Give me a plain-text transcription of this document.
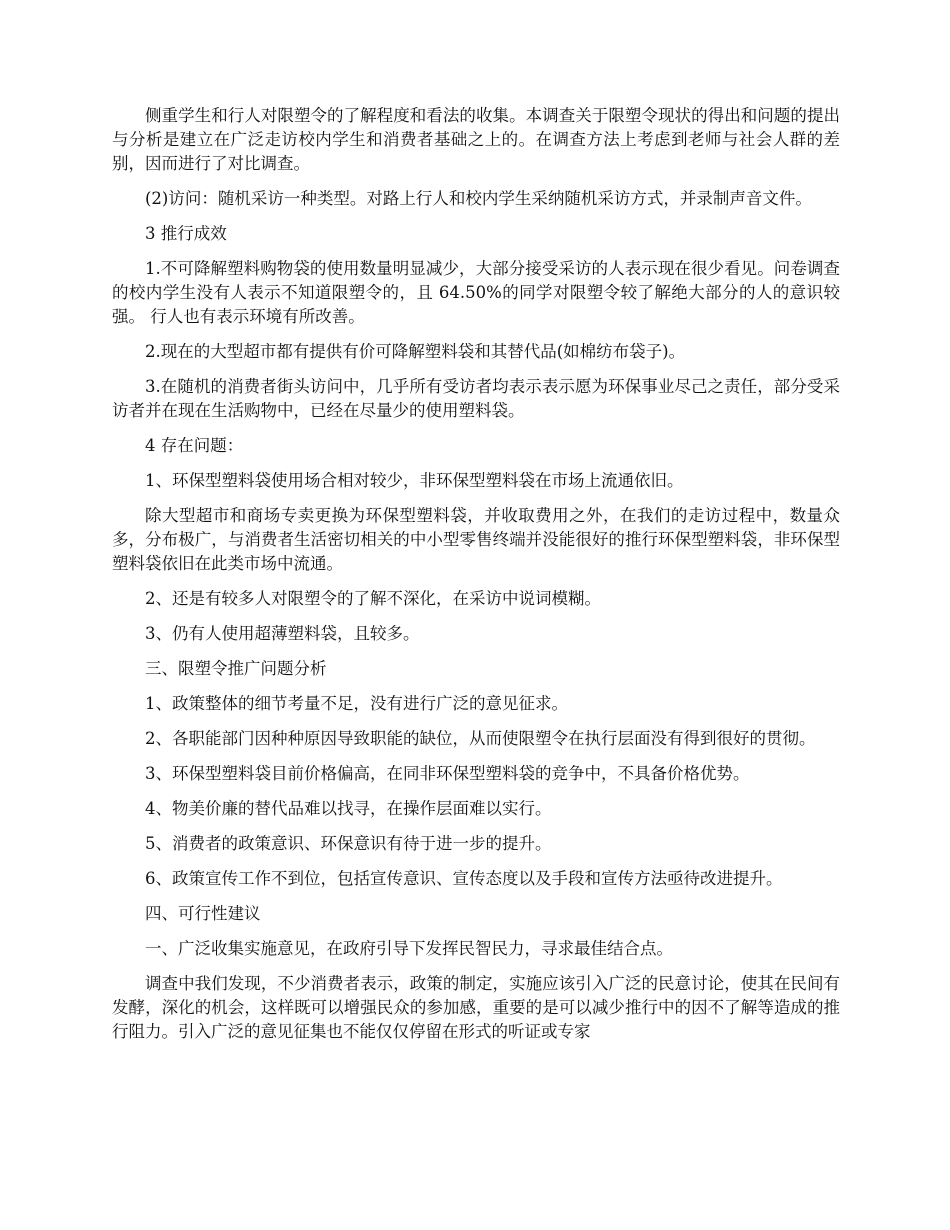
侧重学生和行人对限塑令的了解程度和看法的收集。本调查关于限塑令现状的得出和问题的提出与分析是建立在广泛走访校内学生和消费者基础之上的。在调查方法上考虑到老师与社会人群的差别，因而进行了对比调查。

(2)访问：随机采访一种类型。对路上行人和校内学生采纳随机采访方式，并录制声音文件。

3 推行成效

1.不可降解塑料购物袋的使用数量明显减少，大部分接受采访的人表示现在很少看见。问卷调查的校内学生没有人表示不知道限塑令的，且 64.50%的同学对限塑令较了解绝大部分的人的意识较强。 行人也有表示环境有所改善。

2.现在的大型超市都有提供有价可降解塑料袋和其替代品(如棉纺布袋子)。

3.在随机的消费者街头访问中，几乎所有受访者均表示表示愿为环保事业尽己之责任，部分受采访者并在现在生活购物中，已经在尽量少的使用塑料袋。

4 存在问题：

1、环保型塑料袋使用场合相对较少，非环保型塑料袋在市场上流通依旧。

除大型超市和商场专卖更换为环保型塑料袋，并收取费用之外，在我们的走访过程中，数量众多，分布极广，与消费者生活密切相关的中小型零售终端并没能很好的推行环保型塑料袋，非环保型塑料袋依旧在此类市场中流通。

2、还是有较多人对限塑令的了解不深化，在采访中说词模糊。

3、仍有人使用超薄塑料袋，且较多。

三、限塑令推广问题分析

1、政策整体的细节考量不足，没有进行广泛的意见征求。

2、各职能部门因种种原因导致职能的缺位，从而使限塑令在执行层面没有得到很好的贯彻。

3、环保型塑料袋目前价格偏高，在同非环保型塑料袋的竞争中，不具备价格优势。

4、物美价廉的替代品难以找寻，在操作层面难以实行。

5、消费者的政策意识、环保意识有待于进一步的提升。

6、政策宣传工作不到位，包括宣传意识、宣传态度以及手段和宣传方法亟待改进提升。

四、可行性建议

一、广泛收集实施意见，在政府引导下发挥民智民力，寻求最佳结合点。

调查中我们发现，不少消费者表示，政策的制定，实施应该引入广泛的民意讨论，使其在民间有发酵，深化的机会，这样既可以增强民众的参加感，重要的是可以减少推行中的因不了解等造成的推行阻力。引入广泛的意见征集也不能仅仅停留在形式的听证或专家
